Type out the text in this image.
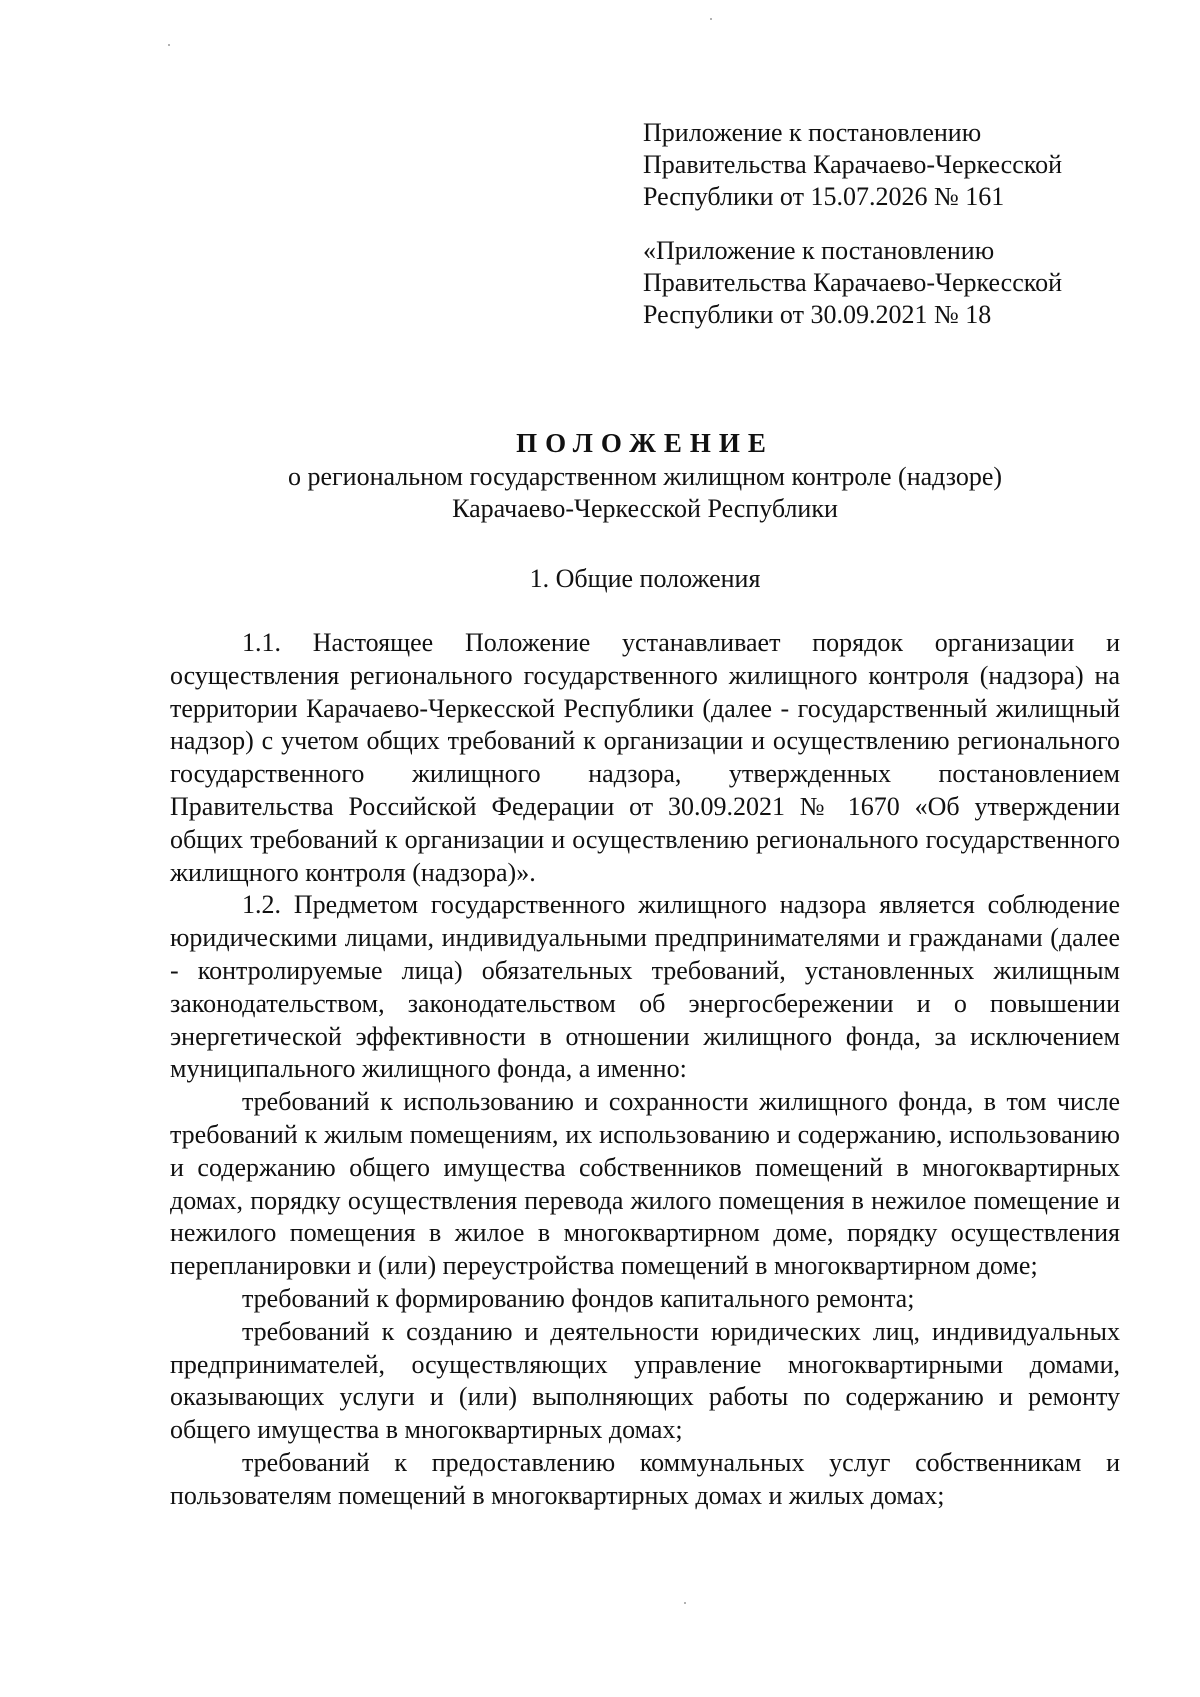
Приложение к постановлению
Правительства Карачаево-Черкесской
Республики от 15.07.2026 № 161
«Приложение к постановлению
Правительства Карачаево-Черкесской
Республики от 30.09.2021 № 18
ПОЛОЖЕНИЕ
о региональном государственном жилищном контроле (надзоре)
Карачаево-Черкесской Республики
1. Общие положения

1.1. Настоящее Положение устанавливает порядок организации и осуществления регионального государственного жилищного контроля (надзора) на территории Карачаево-Черкесской Республики (далее - государственный жилищный надзор) с учетом общих требований к организации и осуществлению регионального государственного жилищного надзора, утвержденных постановлением Правительства Российской Федерации от 30.09.2021 № 1670 «Об утверждении общих требований к организации и осуществлению регионального государственного жилищного контроля (надзора)».

1.2. Предметом государственного жилищного надзора является соблюдение юридическими лицами, индивидуальными предпринимателями и гражданами (далее - контролируемые лица) обязательных требований, установленных жилищным законодательством, законодательством об энергосбережении и о повышении энергетической эффективности в отношении жилищного фонда, за исключением муниципального жилищного фонда, а именно:

требований к использованию и сохранности жилищного фонда, в том числе требований к жилым помещениям, их использованию и содержанию, использованию и содержанию общего имущества собственников помещений в многоквартирных домах, порядку осуществления перевода жилого помещения в нежилое помещение и нежилого помещения в жилое в многоквартирном доме, порядку осуществления перепланировки и (или) переустройства помещений в многоквартирном доме;

требований к формированию фондов капитального ремонта;

требований к созданию и деятельности юридических лиц, индивидуальных предпринимателей, осуществляющих управление многоквартирными домами, оказывающих услуги и (или) выполняющих работы по содержанию и ремонту общего имущества в многоквартирных домах;

требований к предоставлению коммунальных услуг собственникам и пользователям помещений в многоквартирных домах и жилых домах;
